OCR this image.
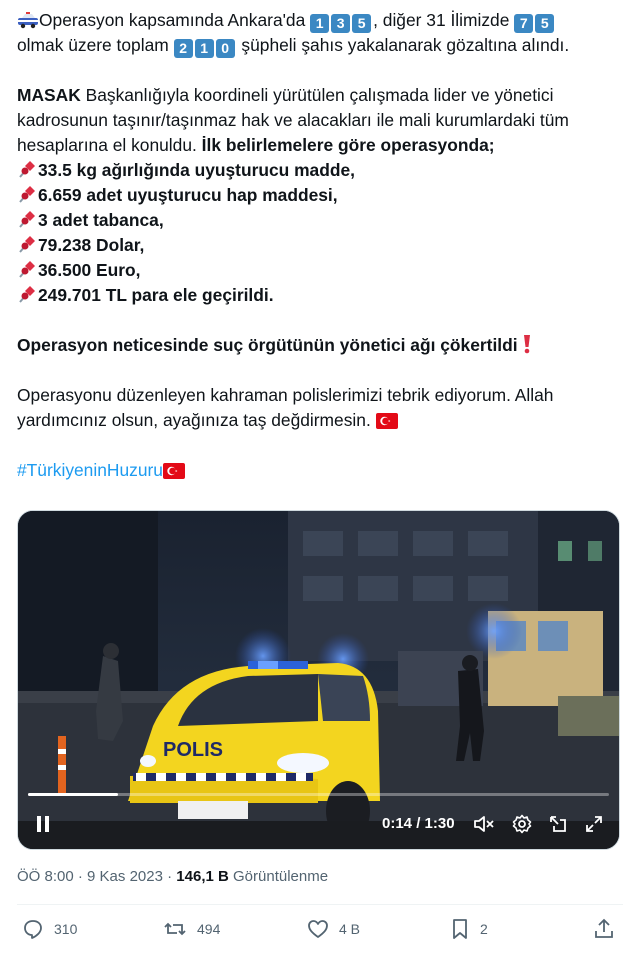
Operasyon kapsamında Ankara'da 1 3 5 , diğer 31 İlimizde 7 5
olmak üzere toplam 2 1 0 şüpheli şahıs yakalanarak gözaltına alındı.
MASAK Başkanlığıyla koordineli yürütülen çalışmada lider ve yönetici
kadrosunun taşınır/taşınmaz hak ve alacakları ile mali kurumlardaki tüm
hesaplarına el konuldu. İlk belirlemelere göre operasyonda;
33.5 kg ağırlığında uyuşturucu madde,
6.659 adet uyuşturucu hap maddesi,
3 adet tabanca,
79.238 Dolar,
36.500 Euro,
249.701 TL para ele geçirildi.
Operasyon neticesinde suç örgütünün yönetici ağı çökertildi
Operasyonu düzenleyen kahraman polislerimizi tebrik ediyorum. Allah
yardımcınız olsun, ayağınıza taş değdirmesin.
#TürkiyeninHuzuru
POLIS
0:14 / 1:30
ÖÖ 8:00 · 9 Kas 2023 · 146,1 B Görüntülenme
310	494	4 B	2
